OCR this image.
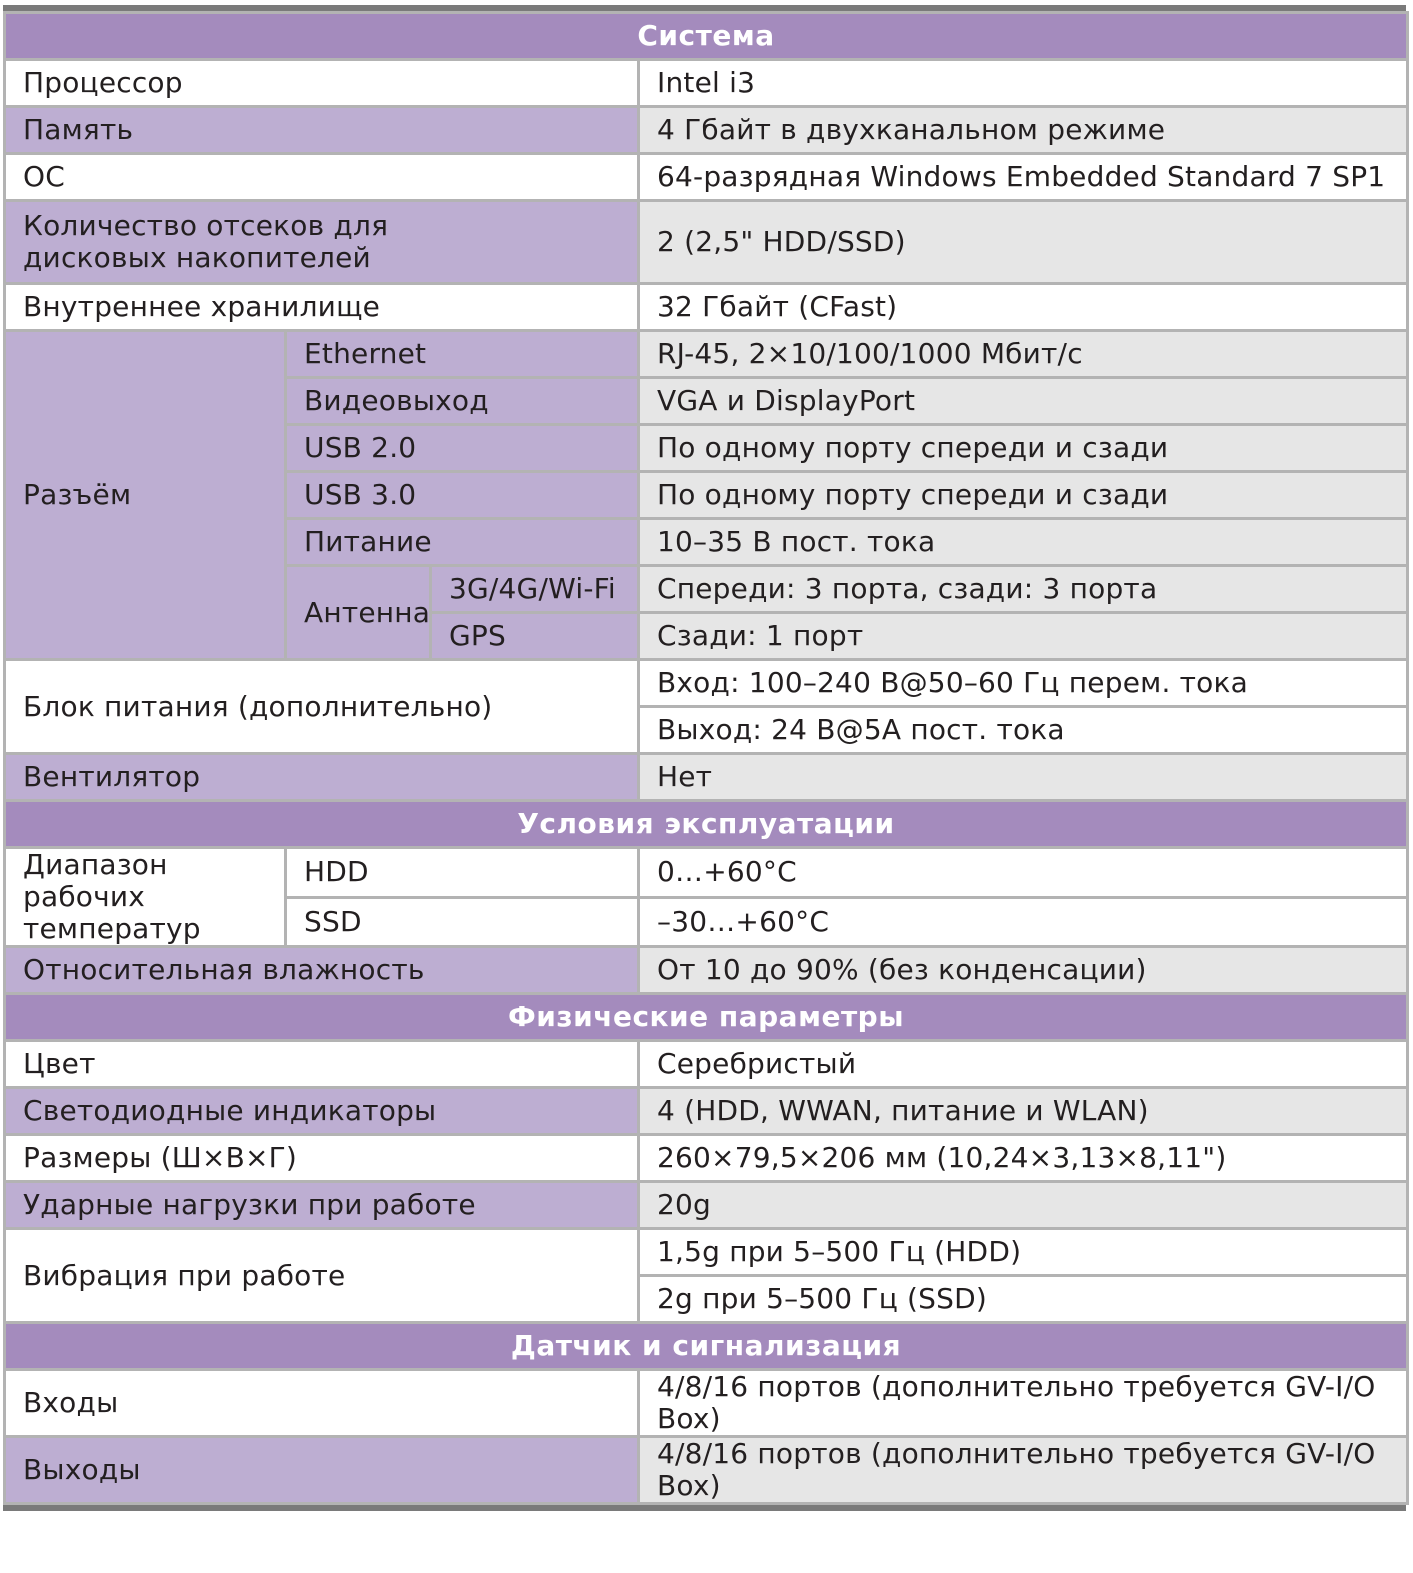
Система			
Процессор			Intel i3
Память			4 Гбайт в двухканальном режиме
ОС			64-разрядная Windows Embedded Standard 7 SP1
Количество отсеков для дисковых накопителей			2 (2,5" HDD/SSD)
Внутреннее хранилище			32 Гбайт (CFast)
Разъём	Ethernet		RJ-45, 2×10/100/1000 Мбит/с
	Видеовыход		VGA и DisplayPort
	USB 2.0		По одному порту спереди и сзади
	USB 3.0		По одному порту спереди и сзади
	Питание		10–35 В пост. тока
	Антенна	3G/4G/Wi-Fi	Спереди: 3 порта, сзади: 3 порта
		GPS	Сзади: 1 порт
Блок питания (дополнительно)			Вход: 100–240 В@50–60 Гц перем. тока
			Выход: 24 В@5А пост. тока
Вентилятор			Нет
Условия эксплуатации			
Диапазон рабочих температур	HDD		0…+60°С
	SSD		–30…+60°С
Относительная влажность			От 10 до 90% (без конденсации)
Физические параметры			
Цвет			Серебристый
Светодиодные индикаторы			4 (HDD, WWAN, питание и WLAN)
Размеры (Ш×В×Г)			260×79,5×206 мм (10,24×3,13×8,11")
Ударные нагрузки при работе			20g
Вибрация при работе			1,5g при 5–500 Гц (HDD)
			2g при 5–500 Гц (SSD)
Датчик и сигнализация			
Входы			4/8/16 портов (дополнительно требуется GV-I/O Box)
Выходы			4/8/16 портов (дополнительно требуется GV-I/O Box)
